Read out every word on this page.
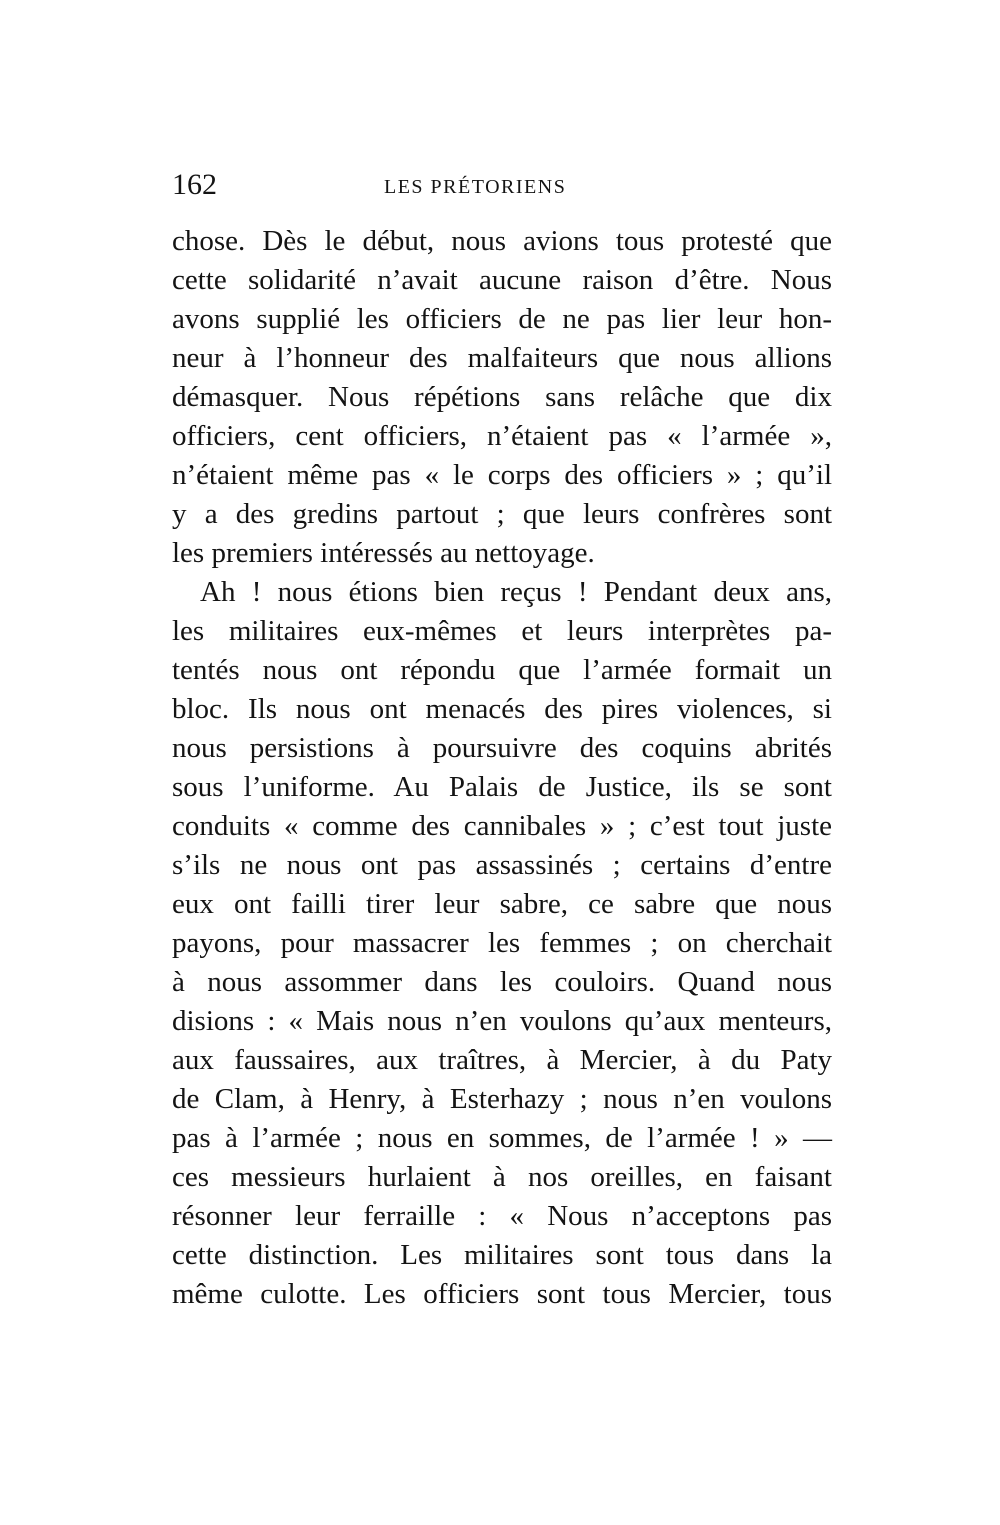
162	LES PRÉTORIENS
chose. Dès le début, nous avions tous protesté que
cette solidarité n’avait aucune raison d’être. Nous
avons supplié les officiers de ne pas lier leur hon-
neur à l’honneur des malfaiteurs que nous allions
démasquer. Nous répétions sans relâche que dix
officiers, cent officiers, n’étaient pas « l’armée »,
n’étaient même pas « le corps des officiers » ; qu’il
y a des gredins partout ; que leurs confrères sont
les premiers intéressés au nettoyage.
Ah ! nous étions bien reçus ! Pendant deux ans,
les militaires eux-mêmes et leurs interprètes pa-
tentés nous ont répondu que l’armée formait un
bloc. Ils nous ont menacés des pires violences, si
nous persistions à poursuivre des coquins abrités
sous l’uniforme. Au Palais de Justice, ils se sont
conduits « comme des cannibales » ; c’est tout juste
s’ils ne nous ont pas assassinés ; certains d’entre
eux ont failli tirer leur sabre, ce sabre que nous
payons, pour massacrer les femmes ; on cherchait
à nous assommer dans les couloirs. Quand nous
disions : « Mais nous n’en voulons qu’aux menteurs,
aux faussaires, aux traîtres, à Mercier, à du Paty
de Clam, à Henry, à Esterhazy ; nous n’en voulons
pas à l’armée ; nous en sommes, de l’armée ! » —
ces messieurs hurlaient à nos oreilles, en faisant
résonner leur ferraille : « Nous n’acceptons pas
cette distinction. Les militaires sont tous dans la
même culotte. Les officiers sont tous Mercier, tous
